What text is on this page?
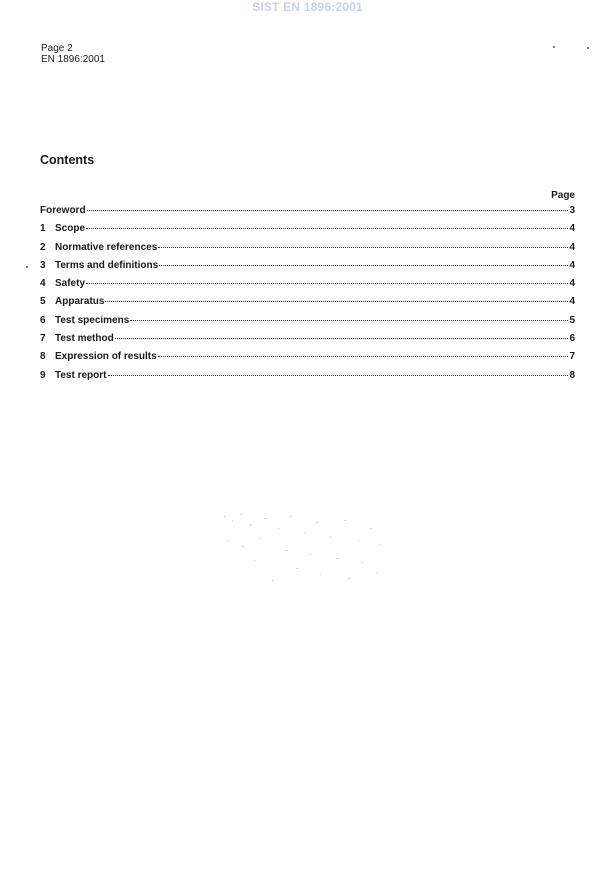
SIST EN 1896:2001
Page 2
EN 1896:2001
Contents
Page
Foreword	3
1 Scope	4
2 Normative references	4
3 Terms and definitions	4
4 Safety	4
5 Apparatus	4
6 Test specimens	5
7 Test method	6
8 Expression of results	7
9 Test report	8
